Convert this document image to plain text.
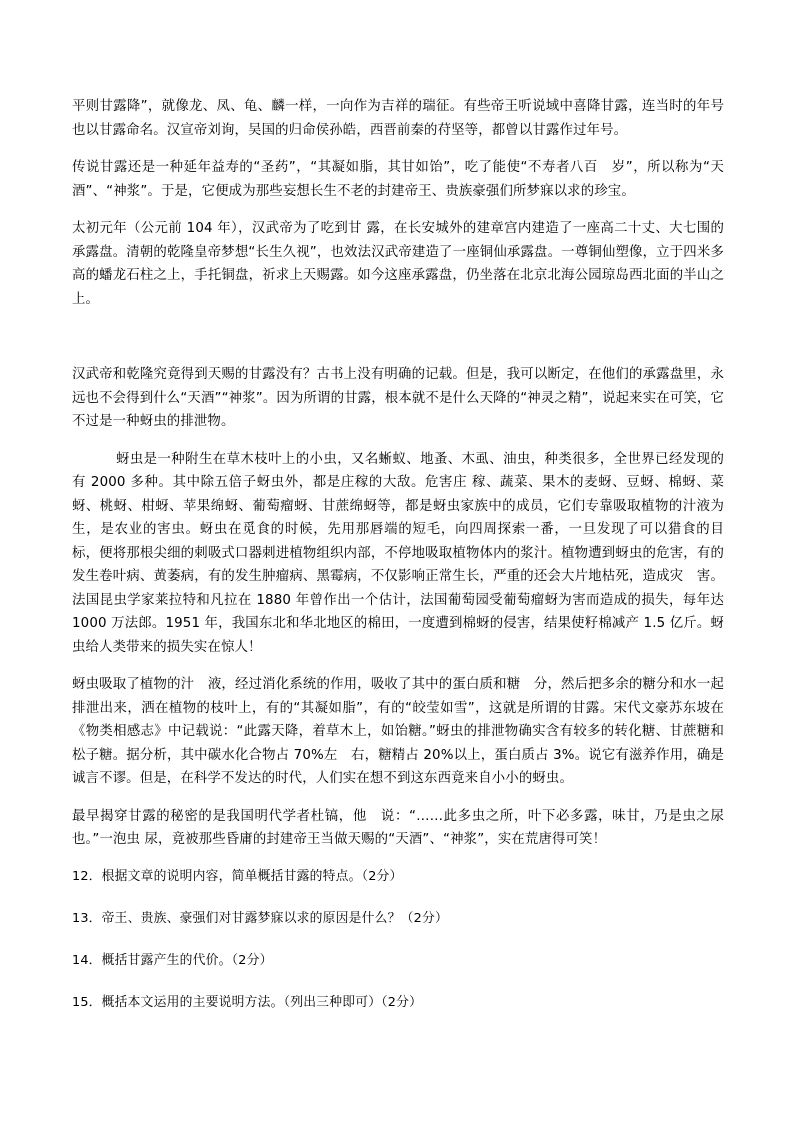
平则甘露降”，就像龙、凤、龟、麟一样，一向作为吉祥的瑞征。有些帝王听说域中喜降甘露，连当时的年号也以甘露命名。汉宣帝刘询，吴国的归命侯孙皓，西晋前秦的苻坚等，都曾以甘露作过年号。

传说甘露还是一种延年益寿的“圣药”，“其凝如脂，其甘如饴”，吃了能使“不寿者八百　岁”，所以称为“天酒”、“神浆”。于是，它便成为那些妄想长生不老的封建帝王、贵族豪强们所梦寐以求的珍宝。

太初元年（公元前 104 年），汉武帝为了吃到甘 露，在长安城外的建章宫内建造了一座高二十丈、大七围的承露盘。清朝的乾隆皇帝梦想“长生久视”，也效法汉武帝建造了一座铜仙承露盘。一尊铜仙塑像，立于四米多高的蟠龙石柱之上，手托铜盘，祈求上天赐露。如今这座承露盘，仍坐落在北京北海公园琼岛西北面的半山之上。

汉武帝和乾隆究竟得到天赐的甘露没有？古书上没有明确的记载。但是，我可以断定，在他们的承露盘里，永远也不会得到什么“天酒”“神浆”。因为所谓的甘露，根本就不是什么天降的“神灵之精”，说起来实在可笑，它不过是一种蚜虫的排泄物。

蚜虫是一种附生在草木枝叶上的小虫，又名蜥蚁、地蚤、木虱、油虫，种类很多，全世界已经发现的有 2000 多种。其中除五倍子蚜虫外，都是庄稼的大敌。危害庄 稼、蔬菜、果木的麦蚜、豆蚜、棉蚜、菜蚜、桃蚜、柑蚜、苹果绵蚜、葡萄瘤蚜、甘蔗绵蚜等，都是蚜虫家族中的成员，它们专靠吸取植物的汁液为生，是农业的害虫。蚜虫在觅食的时候，先用那唇端的短毛，向四周探索一番，一旦发现了可以猎食的目　标，便将那根尖细的刺吸式口器刺进植物组织内部，不停地吸取植物体内的浆汁。植物遭到蚜虫的危害，有的发生卷叶病、黄萎病，有的发生肿瘤病、黑霉病，不仅影响正常生长，严重的还会大片地枯死，造成灾　害。法国昆虫学家莱拉特和凡拉在 1880 年曾作出一个估计，法国葡萄园受葡萄瘤蚜为害而造成的损失，每年达 1000 万法郎。1951 年，我国东北和华北地区的棉田，一度遭到棉蚜的侵害，结果使籽棉减产 1.5 亿斤。蚜虫给人类带来的损失实在惊人！

蚜虫吸取了植物的汁　液，经过消化系统的作用，吸收了其中的蛋白质和糖　分，然后把多余的糖分和水一起排泄出来，洒在植物的枝叶上，有的“其凝如脂”，有的“皎莹如雪”，这就是所谓的甘露。宋代文豪苏东坡在《物类相感志》中记载说：“此露天降，着草木上，如饴糖。”蚜虫的排泄物确实含有较多的转化糖、甘蔗糖和松子糖。据分析，其中碳水化合物占 70%左　右，糖精占 20%以上，蛋白质占 3%。说它有滋养作用，确是诚言不谬。但是，在科学不发达的时代，人们实在想不到这东西竟来自小小的蚜虫。

最早揭穿甘露的秘密的是我国明代学者杜镐，他　说：“……此多虫之所，叶下必多露，味甘，乃是虫之尿也。”一泡虫 尿，竟被那些昏庸的封建帝王当做天赐的“天酒”、“神浆”，实在荒唐得可笑！

12．根据文章的说明内容，简单概括甘露的特点。（2分）

13．帝王、贵族、豪强们对甘露梦寐以求的原因是什么？（2分）

14．概括甘露产生的代价。（2分）

15．概括本文运用的主要说明方法。（列出三种即可）（2分）
